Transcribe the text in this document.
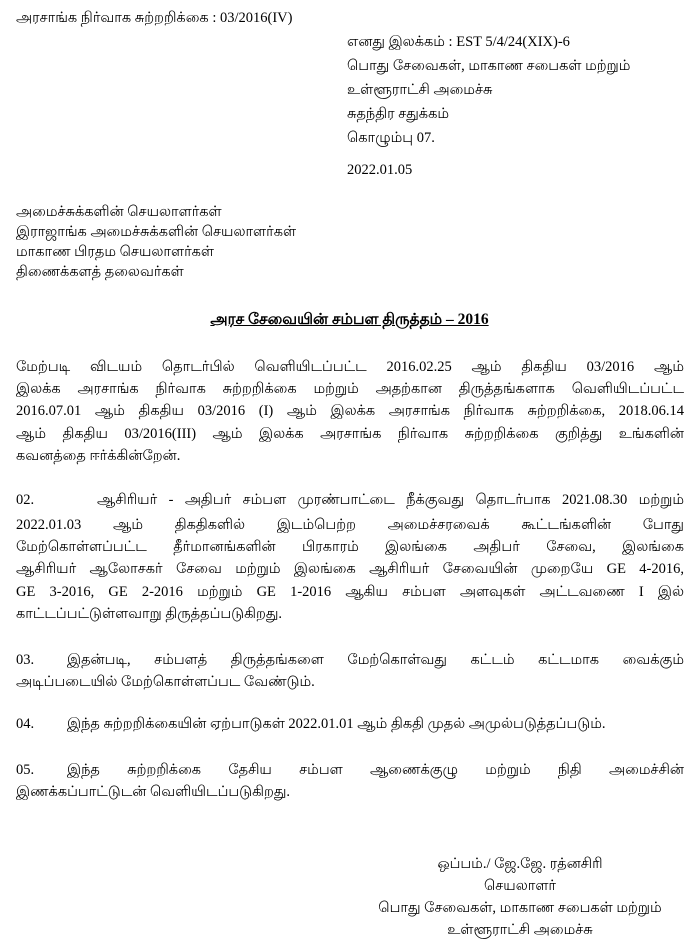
அரசாங்க நிர்வாக சுற்றறிக்கை : 03/2016(IV)
எனது இலக்கம் : EST 5/4/24(XIX)-6
பொது சேவைகள், மாகாண சபைகள் மற்றும்
உள்ளூராட்சி அமைச்சு
சுதந்திர சதுக்கம்
கொழும்பு 07.
2022.01.05
அமைச்சுக்களின் செயலாளர்கள்
இராஜாங்க அமைச்சுக்களின் செயலாளர்கள்
மாகாண பிரதம செயலாளர்கள்
திணைக்களத் தலைவர்கள்
அரச சேவையின் சம்பள திருத்தம் – 2016
மேற்படி விடயம் தொடர்பில் வெளியிடப்பட்ட 2016.02.25 ஆம் திகதிய 03/2016 ஆம்
இலக்க அரசாங்க நிர்வாக சுற்றறிக்கை மற்றும் அதற்கான திருத்தங்களாக வெளியிடப்பட்ட
2016.07.01 ஆம் திகதிய 03/2016 (I) ஆம் இலக்க அரசாங்க நிர்வாக சுற்றறிக்கை, 2018.06.14
ஆம் திகதிய 03/2016(III) ஆம் இலக்க அரசாங்க நிர்வாக சுற்றறிக்கை குறித்து உங்களின்
கவனத்தை ஈர்க்கின்றேன்.
02.	ஆசிரியர் - அதிபர் சம்பள முரண்பாட்டை நீக்குவது தொடர்பாக 2021.08.30 மற்றும்
2022.01.03 ஆம் திகதிகளில் இடம்பெற்ற அமைச்சரவைக் கூட்டங்களின் போது
மேற்கொள்ளப்பட்ட தீர்மானங்களின் பிரகாரம் இலங்கை அதிபர் சேவை, இலங்கை
ஆசிரியர் ஆலோசகர் சேவை மற்றும் இலங்கை ஆசிரியர் சேவையின் முறையே GE 4-2016,
GE 3-2016, GE 2-2016 மற்றும் GE 1-2016 ஆகிய சம்பள அளவுகள் அட்டவணை I இல்
காட்டப்பட்டுள்ளவாறு திருத்தப்படுகிறது.
03. இதன்படி, சம்பளத் திருத்தங்களை மேற்கொள்வது கட்டம் கட்டமாக வைக்கும்
அடிப்படையில் மேற்கொள்ளப்பட வேண்டும்.
04. இந்த சுற்றறிக்கையின் ஏற்பாடுகள் 2022.01.01 ஆம் திகதி முதல் அமுல்படுத்தப்படும்.
05. இந்த சுற்றறிக்கை தேசிய சம்பள ஆணைக்குழு மற்றும் நிதி அமைச்சின்
இணக்கப்பாட்டுடன் வெளியிடப்படுகிறது.
ஒப்பம்./ ஜே.ஜே. ரத்னசிரி
செயலாளர்
பொது சேவைகள், மாகாண சபைகள் மற்றும்
உள்ளூராட்சி அமைச்சு
